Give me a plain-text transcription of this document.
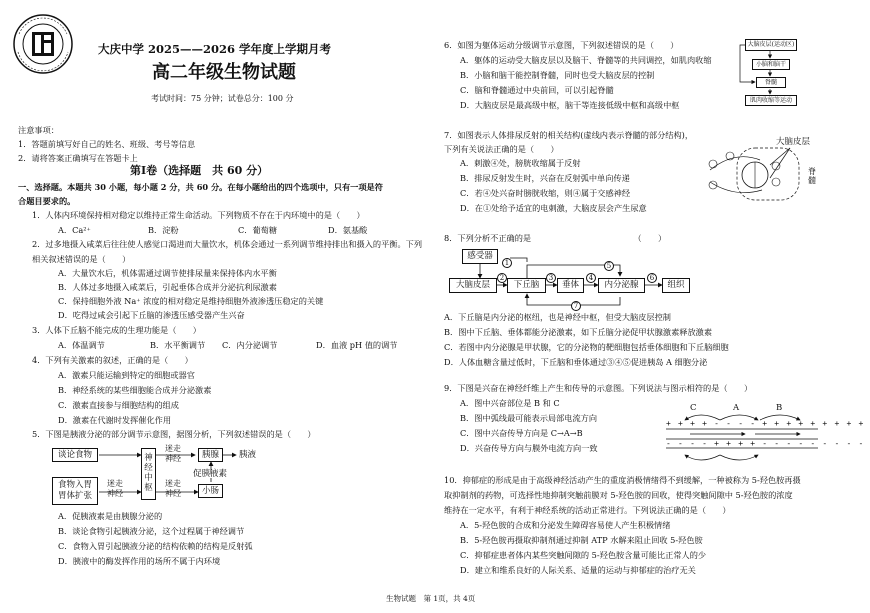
大庆中学 2025——2026 学年度上学期月考
高二年级生物试题
考试时间：75 分钟；试卷总分：100 分
注意事项：
1．答题前填写好自己的姓名、班级、考号等信息
2．请将答案正确填写在答题卡上
第Ⅰ卷（选择题　共 60 分）
一、选择题。本题共 30 小题，每小题 2 分，共 60 分。在每小题给出的四个选项中，只有一项是符
合题目要求的。
1．人体内环境保持相对稳定以维持正常生命活动。下列物质不存在于内环境中的是（　　）
A．Ca²⁺	B．淀粉	C．葡萄糖	D．氨基酸
2．过多地摄入咸菜后往往使人感觉口渴进而大量饮水，机体会通过一系列调节维持排出和摄入的平衡。下列
相关叙述错误的是（　　）
A．大量饮水后，机体需通过调节使排尿量来保持体内水平衡
B．人体过多地摄入咸菜后，引起垂体合成并分泌抗利尿激素
C．保持细胞外液 Na⁺ 浓度的相对稳定是维持细胞外液渗透压稳定的关键
D．吃得过咸会引起下丘脑的渗透压感受器产生兴奋
3．人体下丘脑不能完成的生理功能是（　　）
A．体温调节	B．水平衡调节 C．内分泌调节	D．血液 pH 值的调节
4．下列有关激素的叙述，正确的是（　　）
A．激素只能运输到特定的细胞或器官
B．神经系统的某些细胞能合成并分泌激素
C．激素直接参与细胞结构的组成
D．激素在代谢时发挥催化作用
5．下图是胰液分泌的部分调节示意图，据图分析，下列叙述错误的是（　　）
谈论食物
食物入胃
胃体扩张
神
经
中
枢
迷走
神经
迷走
神经
迷走
神经
胰腺	胰液
促胰液素
小肠
A．促胰液素是由胰腺分泌的
B．谈论食物引起胰液分泌，这个过程属于神经调节
C．食物入胃引起胰液分泌的结构依赖的结构是反射弧
D．胰液中的酶发挥作用的场所不属于内环境
6．如图为躯体运动分级调节示意图，下列叙述错误的是（　　）
A．躯体的运动受大脑皮层以及脑干、脊髓等的共同调控，如肌肉收缩
B．小脑和脑干能控制脊髓，同时也受大脑皮层的控制
C．脑和脊髓通过中央前回，可以引起脊髓
D．大脑皮层是最高级中枢，脑干等连接低级中枢和高级中枢
大脑皮层(运动区)
小脑和脑干
脊髓
肌肉收缩等运动
7．如图表示人体排尿反射的相关结构(虚线内表示脊髓的部分结构)，
下列有关说法正确的是（　　）
A．刺激④处，膀胱收缩属于反射
B．排尿反射发生时，兴奋在反射弧中单向传递
C．若④处兴奋时膀胱收缩，则④属于交感神经
D．在①处给予适宜的电刺激，大脑皮层会产生尿意
大脑皮层
脊
髓
8．下列分析不正确的是　　　　　　　　　　　　　（　　）
感受器
大脑皮层	下丘脑	垂体	内分泌腺	组织
1
2	3	4
5
6
7
A．下丘脑是内分泌的枢纽，也是神经中枢，但受大脑皮层控制
B．图中下丘脑、垂体都能分泌激素，如下丘脑分泌促甲状腺激素释放激素
C．若图中内分泌腺是甲状腺，它的分泌物的靶细胞包括垂体细胞和下丘脑细胞
D．人体血糖含量过低时，下丘脑和垂体通过③④⑤促进胰岛 A 细胞分泌
9．下图是兴奋在神经纤维上产生和传导的示意图。下列说法与图示相符的是（　　）
A．图中兴奋部位是 B 和 C
B．图中弧线最可能表示局部电流方向
C．图中兴奋传导方向是 C→A→B
D．兴奋传导方向与膜外电流方向一致
C	A	B
+ + + + - - - - + + + + + + + + +
- - - - + + + + - - - - - - - - -
10．抑郁症的形成是由于高级神经活动产生的重度消极情绪得不到缓解，一种被称为 5-羟色胺再摄
取抑制剂的药物，可选择性地抑制突触前膜对 5-羟色胺的回收，使得突触间隙中 5-羟色胺的浓度
维持在一定水平，有利于神经系统的活动正常进行。下列说法正确的是（　　）
A．5-羟色胺的合成和分泌发生障碍容易使人产生积极情绪
B．5-羟色胺再摄取抑制剂通过抑制 ATP 水解来阻止回收 5-羟色胺
C．抑郁症患者体内某些突触间隙的 5-羟色胺含量可能比正常人的少
D．建立和维系良好的人际关系、适量的运动与抑郁症的治疗无关
生物试题　第 1页，共 4页
